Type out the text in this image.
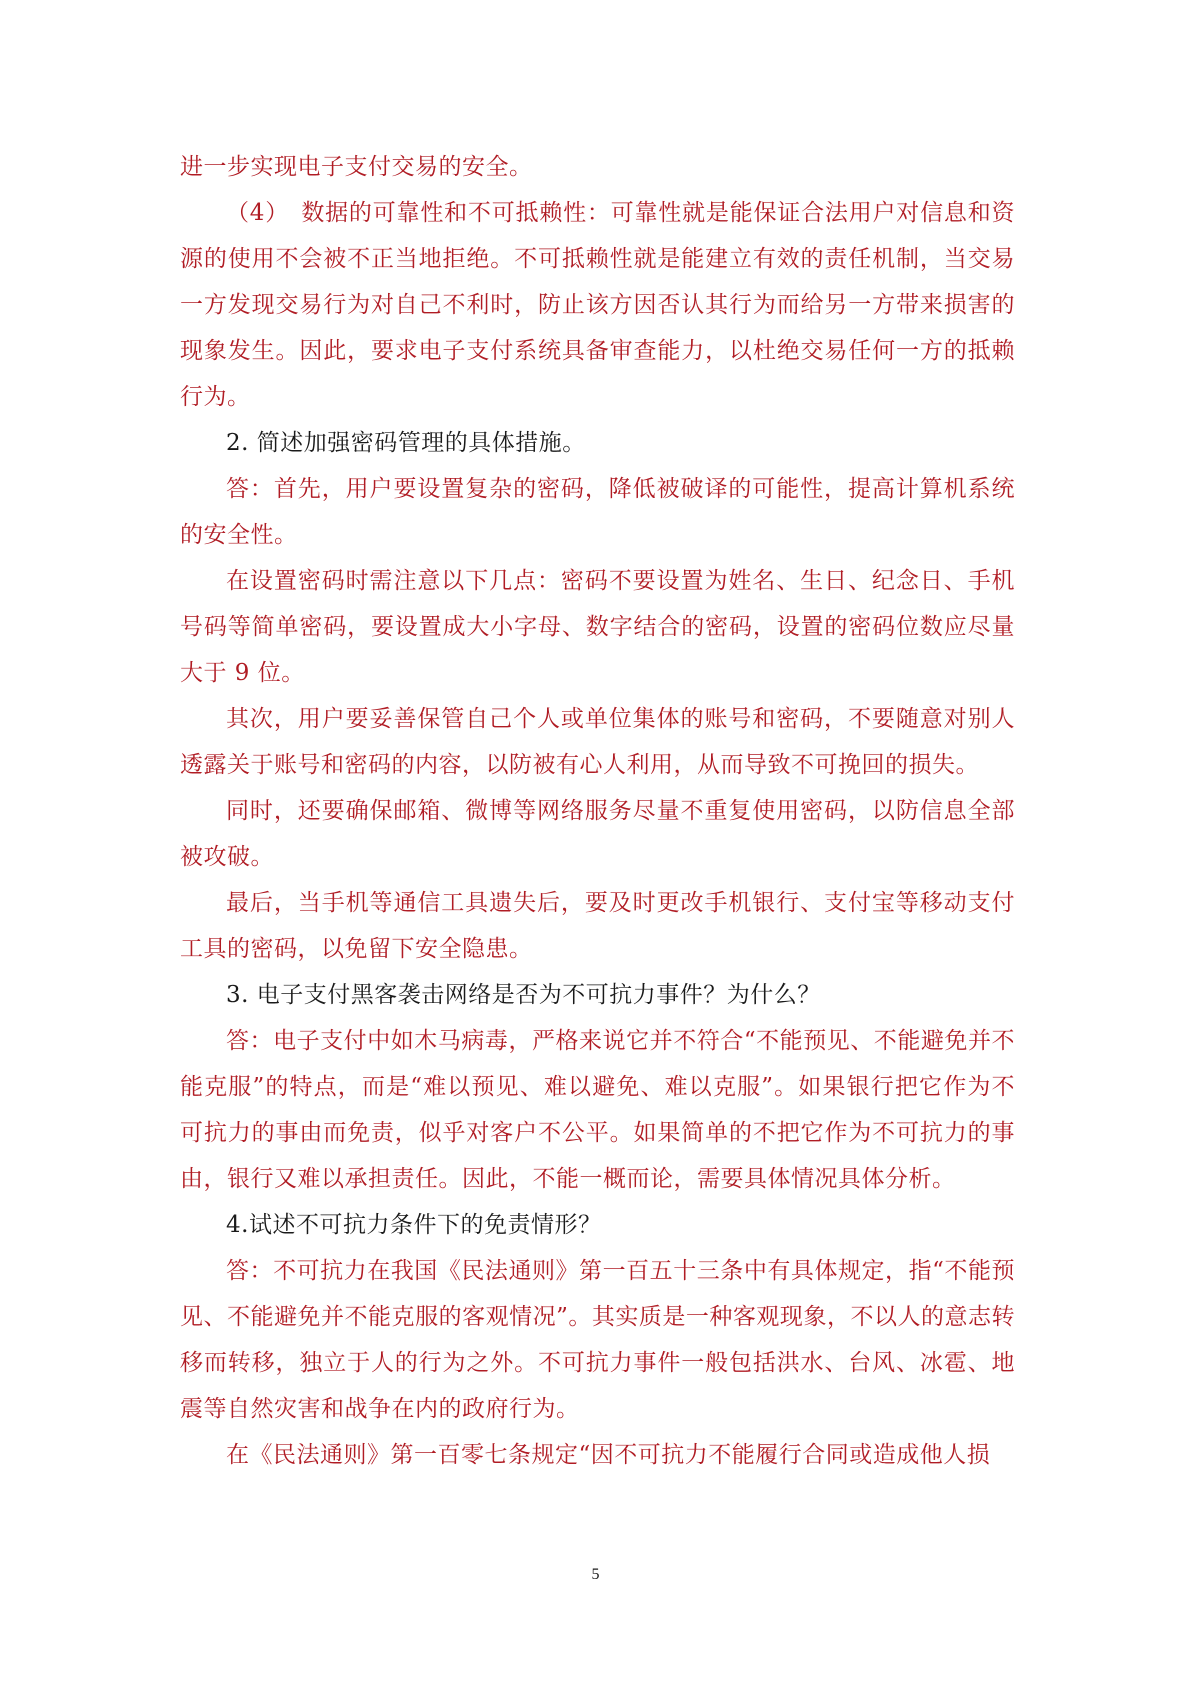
进一步实现电子支付交易的安全。

（4）　数据的可靠性和不可抵赖性：可靠性就是能保证合法用户对信息和资源的使用不会被不正当地拒绝。不可抵赖性就是能建立有效的责任机制，当交易一方发现交易行为对自己不利时，防止该方因否认其行为而给另一方带来损害的现象发生。因此，要求电子支付系统具备审查能力，以杜绝交易任何一方的抵赖行为。

2. 简述加强密码管理的具体措施。

答：首先，用户要设置复杂的密码，降低被破译的可能性，提高计算机系统的安全性。

在设置密码时需注意以下几点：密码不要设置为姓名、生日、纪念日、手机号码等简单密码，要设置成大小字母、数字结合的密码，设置的密码位数应尽量大于 9 位。

其次，用户要妥善保管自己个人或单位集体的账号和密码，不要随意对别人透露关于账号和密码的内容，以防被有心人利用，从而导致不可挽回的损失。

同时，还要确保邮箱、微博等网络服务尽量不重复使用密码，以防信息全部被攻破。

最后，当手机等通信工具遗失后，要及时更改手机银行、支付宝等移动支付工具的密码，以免留下安全隐患。

3. 电子支付黑客袭击网络是否为不可抗力事件？为什么？

答：电子支付中如木马病毒，严格来说它并不符合“不能预见、不能避免并不能克服”的特点，而是“难以预见、难以避免、难以克服”。如果银行把它作为不可抗力的事由而免责，似乎对客户不公平。如果简单的不把它作为不可抗力的事由，银行又难以承担责任。因此，不能一概而论，需要具体情况具体分析。

4.试述不可抗力条件下的免责情形？

答：不可抗力在我国《民法通则》第一百五十三条中有具体规定，指“不能预见、不能避免并不能克服的客观情况”。其实质是一种客观现象，不以人的意志转移而转移，独立于人的行为之外。不可抗力事件一般包括洪水、台风、冰雹、地震等自然灾害和战争在内的政府行为。

在《民法通则》第一百零七条规定“因不可抗力不能履行合同或造成他人损

5
